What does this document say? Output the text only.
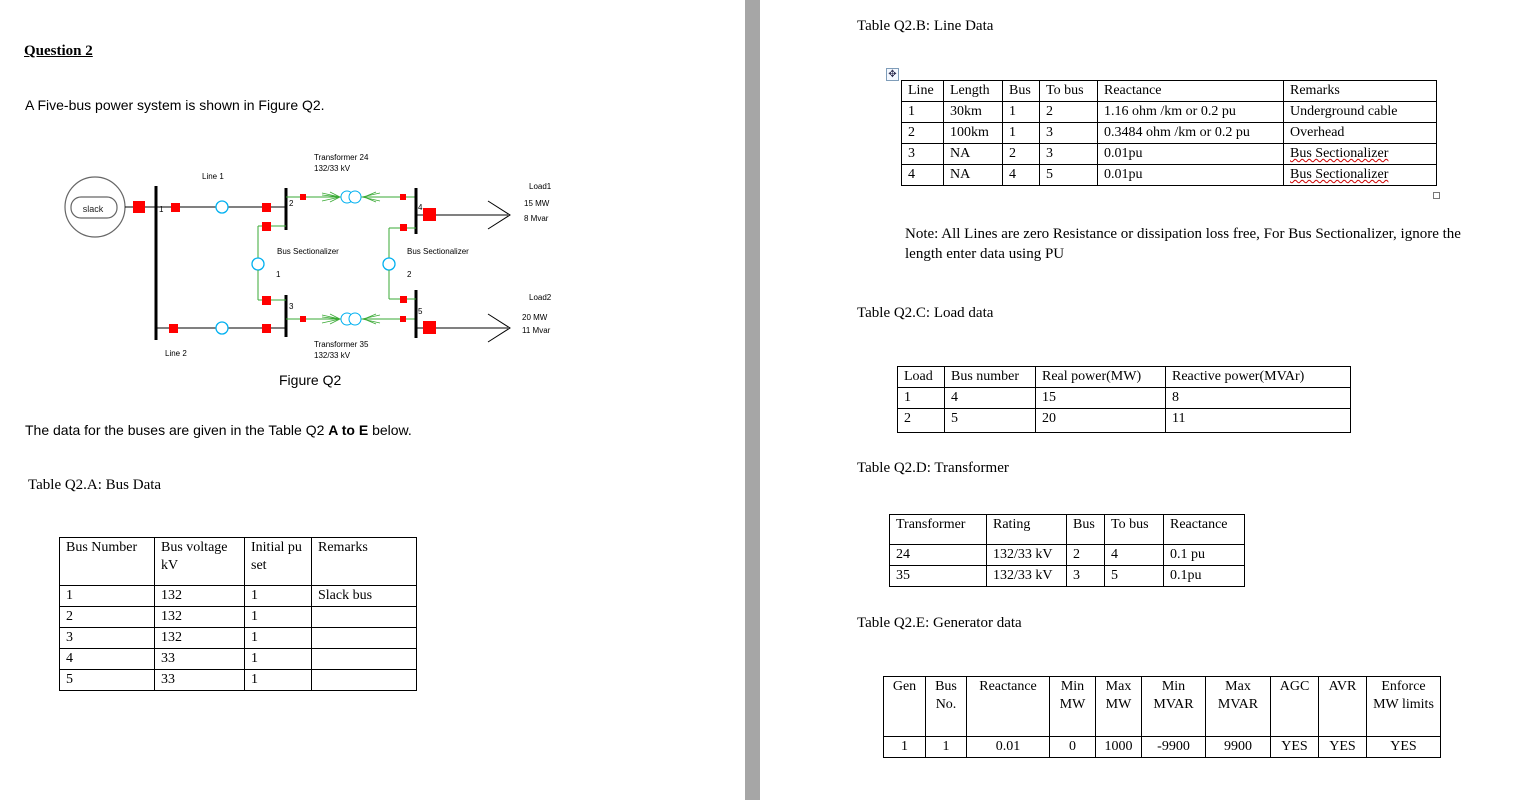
Question 2
A Five-bus power system is shown in Figure Q2.
slack	1
Line 1
Line 2
2
3
Bus Sectionalizer
1
Transformer 24
132/33 kV
Transformer 35
132/33 kV
4
5
Bus Sectionalizer
2
Load1
15 MW
8 Mvar
Load2
20 MW
11 Mvar
Figure Q2
The data for the buses are given in the Table Q2 A to E below.
Table Q2.A: Bus Data
Bus Number	Bus voltage kV	Initial pu set	Remarks
1	132	1	Slack bus
2	132	1	
3	132	1	
4	33	1	
5	33	1	
Table Q2.B: Line Data
Note: All Lines are zero Resistance or dissipation loss free, For Bus Sectionalizer, ignore the length enter data using PU
Table Q2.C: Load data
Table Q2.D: Transformer
Table Q2.E: Generator data
✥
Line	Length	Bus	To bus	Reactance	Remarks
1	30km	1	2	1.16 ohm /km or 0.2 pu	Underground cable
2	100km	1	3	0.3484 ohm /km or 0.2 pu	Overhead
3	NA	2	3	0.01pu	Bus Sectionalizer
4	NA	4	5	0.01pu	Bus Sectionalizer
Load	Bus number	Real power(MW)	Reactive power(MVAr)
1	4	15	8
2	5	20	11
Transformer	Rating	Bus	To bus	Reactance
24	132/33 kV	2	4	0.1 pu
35	132/33 kV	3	5	0.1pu
Gen	Bus No.	Reactance	Min MW	Max MW	Min MVAR	Max MVAR	AGC	AVR	Enforce MW limits
1	1	0.01	0	1000	-9900	9900	YES	YES	YES
